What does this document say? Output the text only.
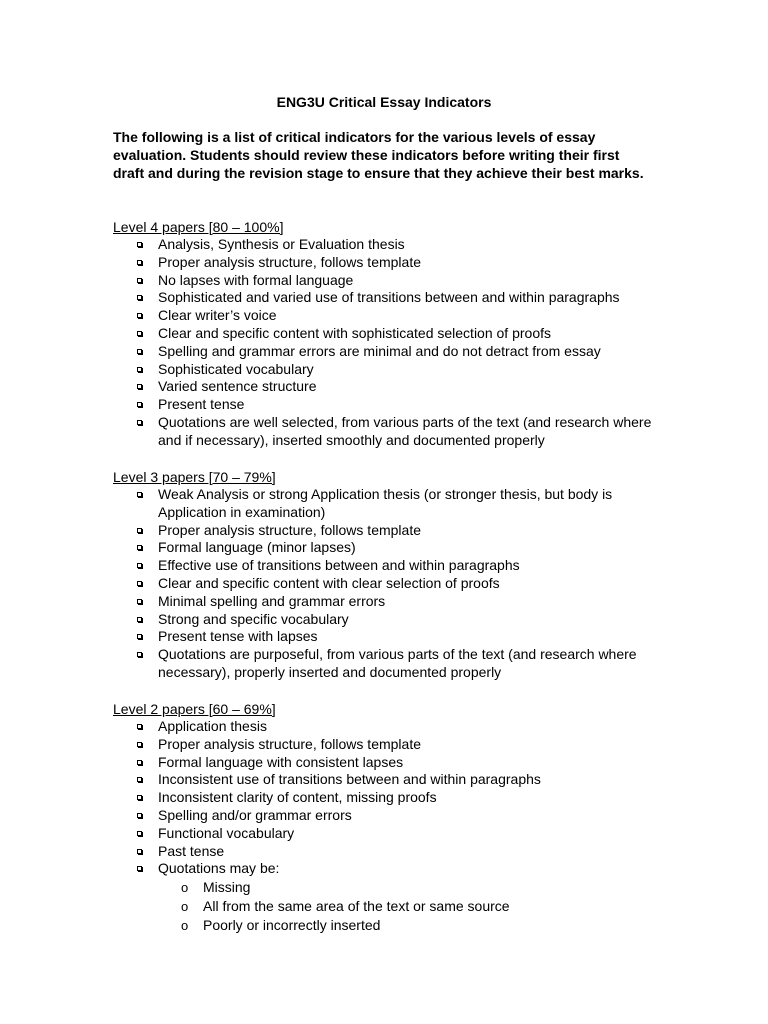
ENG3U Critical Essay Indicators
The following is a list of critical indicators for the various levels of essay evaluation. Students should review these indicators before writing their first draft and during the revision stage to ensure that they achieve their best marks.
Level 4 papers [80 – 100%]
Analysis, Synthesis or Evaluation thesis
Proper analysis structure, follows template
No lapses with formal language
Sophisticated and varied use of transitions between and within paragraphs
Clear writer’s voice
Clear and specific content with sophisticated selection of proofs
Spelling and grammar errors are minimal and do not detract from essay
Sophisticated vocabulary
Varied sentence structure
Present tense
Quotations are well selected, from various parts of the text (and research where and if necessary), inserted smoothly and documented properly
Level 3 papers [70 – 79%]
Weak Analysis or strong Application thesis (or stronger thesis, but body is Application in examination)
Proper analysis structure, follows template
Formal language (minor lapses)
Effective use of transitions between and within paragraphs
Clear and specific content with clear selection of proofs
Minimal spelling and grammar errors
Strong and specific vocabulary
Present tense with lapses
Quotations are purposeful, from various parts of the text (and research where necessary), properly inserted and documented properly
Level 2 papers [60 – 69%]
Application thesis
Proper analysis structure, follows template
Formal language with consistent lapses
Inconsistent use of transitions between and within paragraphs
Inconsistent clarity of content, missing proofs
Spelling and/or grammar errors
Functional vocabulary
Past tense
Quotations may be:
o Missing
o All from the same area of the text or same source
o Poorly or incorrectly inserted
